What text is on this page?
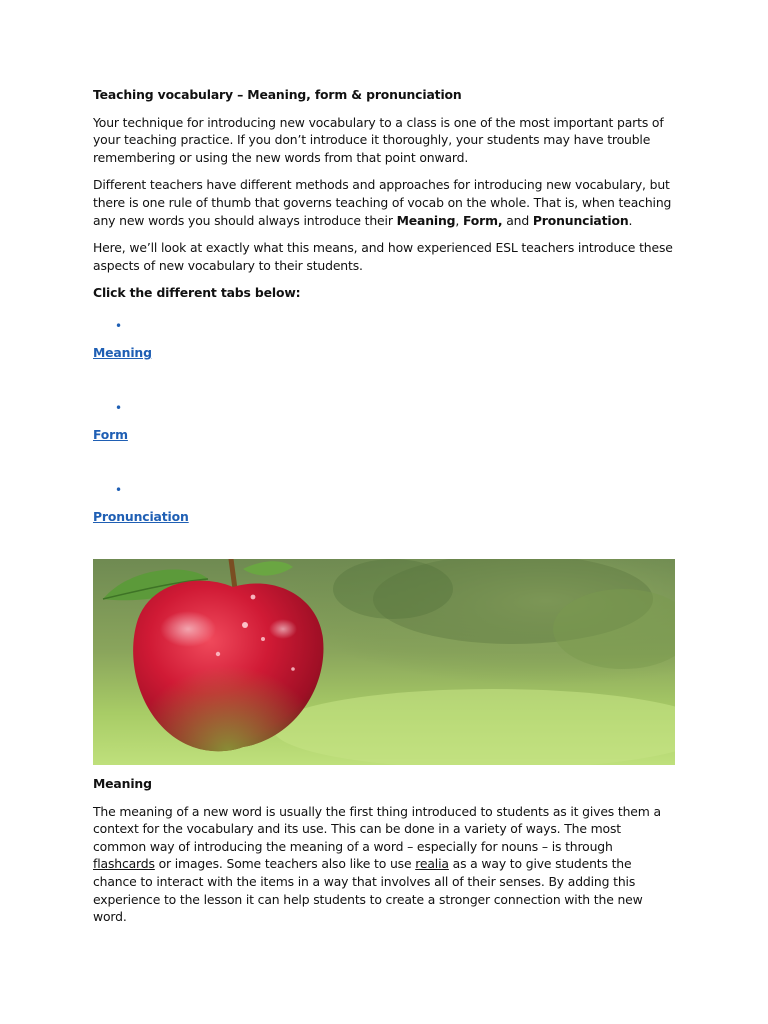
Teaching vocabulary – Meaning, form & pronunciation

Your technique for introducing new vocabulary to a class is one of the most important parts of your teaching practice. If you don’t introduce it thoroughly, your students may have trouble remembering or using the new words from that point onward.

Different teachers have different methods and approaches for introducing new vocabulary, but there is one rule of thumb that governs teaching of vocab on the whole. That is, when teaching any new words you should always introduce their Meaning, Form, and Pronunciation.

Here, we’ll look at exactly what this means, and how experienced ESL teachers introduce these aspects of new vocabulary to their students.

Click the different tabs below:

•
Meaning
•
Form
•
Pronunciation

Meaning

The meaning of a new word is usually the first thing introduced to students as it gives them a context for the vocabulary and its use. This can be done in a variety of ways. The most common way of introducing the meaning of a word – especially for nouns – is through flashcards or images. Some teachers also like to use realia as a way to give students the chance to interact with the items in a way that involves all of their senses. By adding this experience to the lesson it can help students to create a stronger connection with the new word.
